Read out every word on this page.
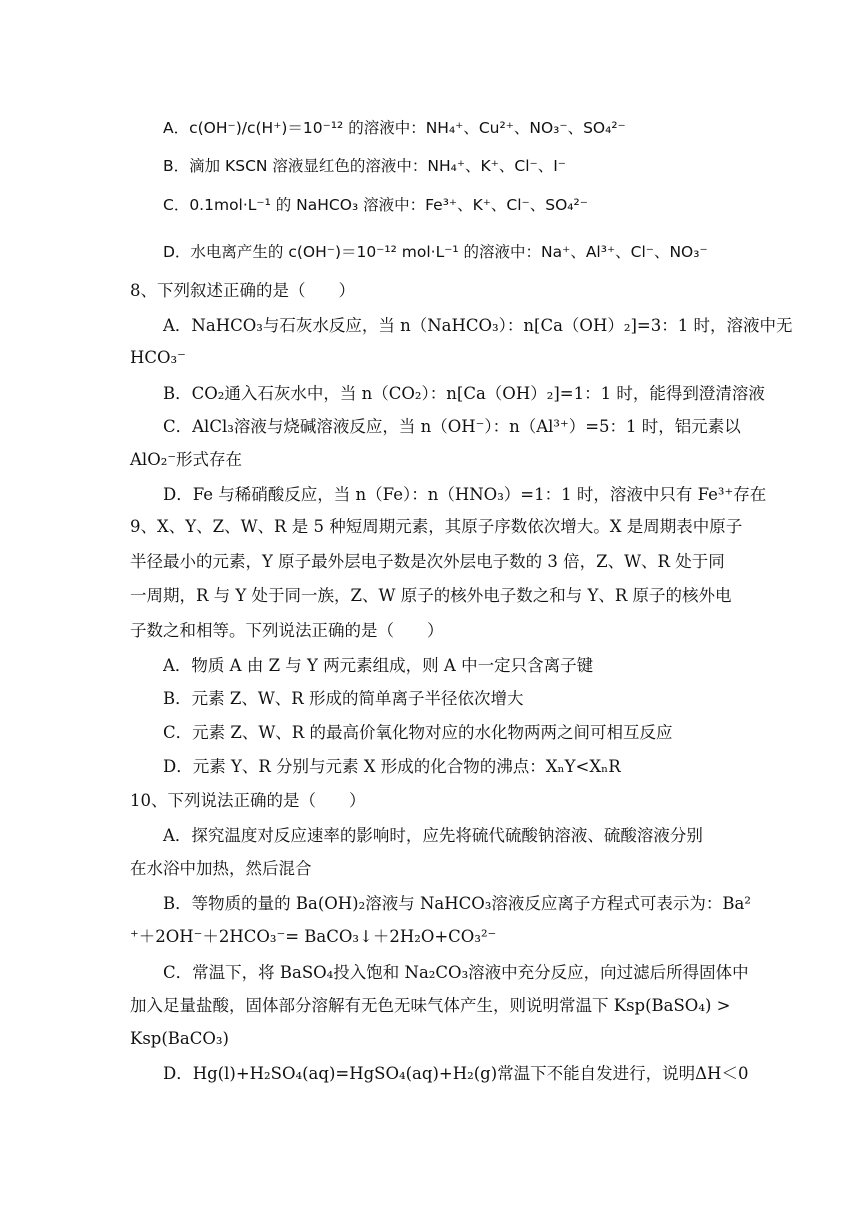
A．c(OH⁻)/c(H⁺)＝10⁻¹² 的溶液中：NH₄⁺、Cu²⁺、NO₃⁻、SO₄²⁻
B．滴加 KSCN 溶液显红色的溶液中：NH₄⁺、K⁺、Cl⁻、I⁻
C．0.1mol·L⁻¹ 的 NaHCO₃ 溶液中：Fe³⁺、K⁺、Cl⁻、SO₄²⁻
D．水电离产生的 c(OH⁻)＝10⁻¹² mol·L⁻¹ 的溶液中：Na⁺、Al³⁺、Cl⁻、NO₃⁻
8、下列叙述正确的是（　　）
A．NaHCO₃与石灰水反应，当 n（NaHCO₃）：n[Ca（OH）₂]=3：1 时，溶液中无
HCO₃⁻
B．CO₂通入石灰水中，当 n（CO₂）：n[Ca（OH）₂]=1：1 时，能得到澄清溶液
C．AlCl₃溶液与烧碱溶液反应，当 n（OH⁻）：n（Al³⁺）=5：1 时，铝元素以
AlO₂⁻形式存在
D．Fe 与稀硝酸反应，当 n（Fe）：n（HNO₃）=1：1 时，溶液中只有 Fe³⁺存在
9、X、Y、Z、W、R 是 5 种短周期元素，其原子序数依次增大。X 是周期表中原子
半径最小的元素，Y 原子最外层电子数是次外层电子数的 3 倍，Z、W、R 处于同
一周期，R 与 Y 处于同一族，Z、W 原子的核外电子数之和与 Y、R 原子的核外电
子数之和相等。下列说法正确的是（　　）
A．物质 A 由 Z 与 Y 两元素组成，则 A 中一定只含离子键
B．元素 Z、W、R 形成的简单离子半径依次增大
C．元素 Z、W、R 的最高价氧化物对应的水化物两两之间可相互反应
D．元素 Y、R 分别与元素 X 形成的化合物的沸点：XₙY<XₙR
10、下列说法正确的是（　　）
A．探究温度对反应速率的影响时，应先将硫代硫酸钠溶液、硫酸溶液分别
在水浴中加热，然后混合
B．等物质的量的 Ba(OH)₂溶液与 NaHCO₃溶液反应离子方程式可表示为：Ba²
⁺＋2OH⁻＋2HCO₃⁻= BaCO₃↓＋2H₂O+CO₃²⁻
C．常温下，将 BaSO₄投入饱和 Na₂CO₃溶液中充分反应，向过滤后所得固体中
加入足量盐酸，固体部分溶解有无色无味气体产生，则说明常温下 Ksp(BaSO₄) >
Ksp(BaCO₃)
D．Hg(l)+H₂SO₄(aq)=HgSO₄(aq)+H₂(g)常温下不能自发进行，说明ΔH＜0
